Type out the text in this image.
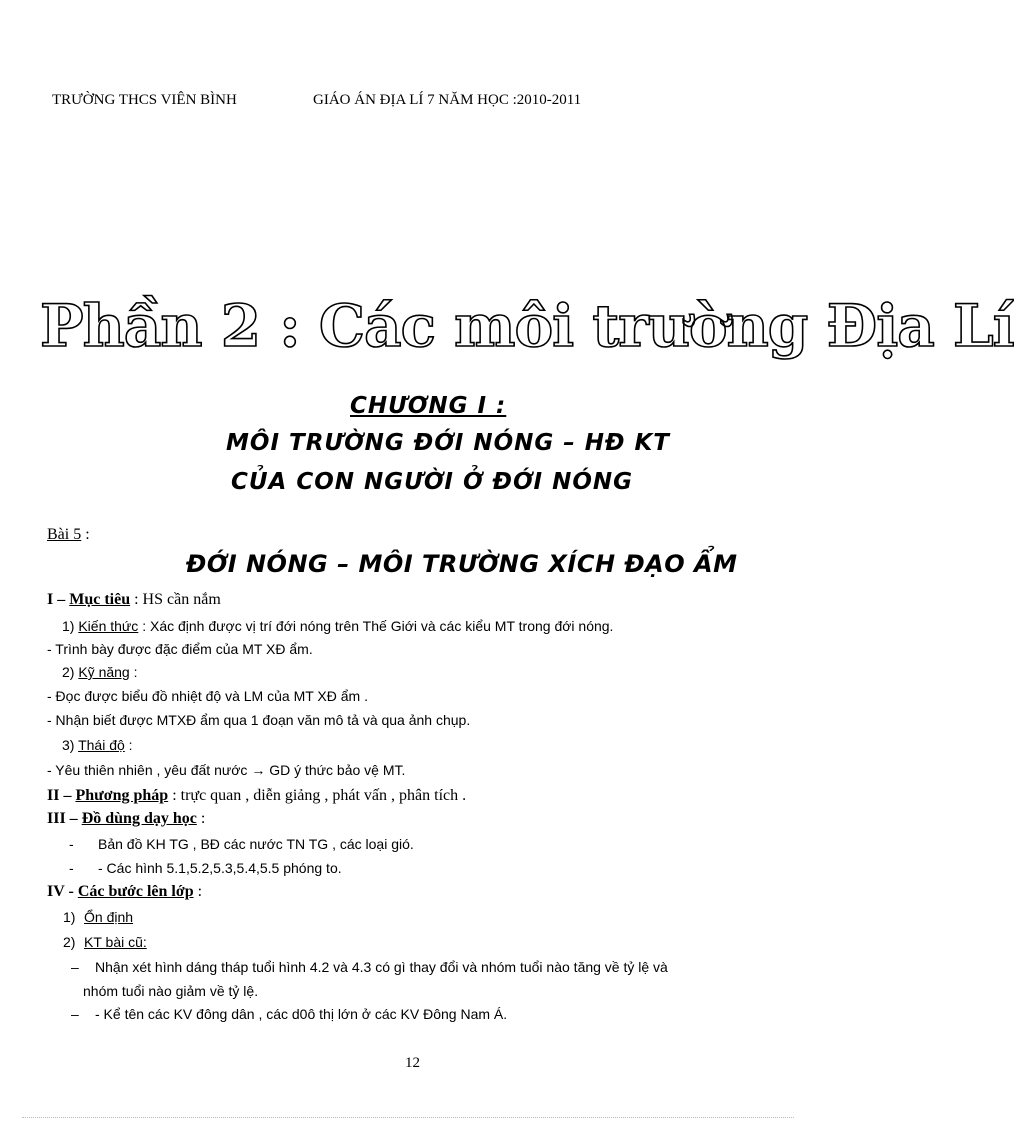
TRƯỜNG THCS VIÊN BÌNH	GIÁO ÁN ĐỊA LÍ 7 NĂM HỌC :2010-2011
Phần 2 : Các môi trường Địa Lí
CHƯƠNG I :
MÔI TRƯỜNG ĐỚI NÓNG – HĐ KT
CỦA CON NGƯỜI Ở ĐỚI NÓNG
Bài 5 :
ĐỚI NÓNG – MÔI TRƯỜNG XÍCH ĐẠO ẨM
I – Mục tiêu : HS cần nắm
1) Kiến thức : Xác định được vị trí đới nóng trên Thế Giới và các kiểu MT trong đới nóng.
- Trình bày được đặc điểm của MT XĐ ẩm.
2) Kỹ năng :
- Đọc được biểu đồ nhiệt độ và LM của MT XĐ ẩm .
- Nhận biết được MTXĐ ẩm qua 1 đoạn văn mô tả và qua ảnh chụp.
3) Thái độ :
- Yêu thiên nhiên , yêu đất nước → GD ý thức bảo vệ MT.
II – Phương pháp : trực quan , diễn giảng , phát vấn , phân tích .
III – Đồ dùng dạy học :
- Bản đồ KH TG , BĐ các nước TN TG , các loại gió.
- - Các hình 5.1,5.2,5.3,5.4,5.5 phóng to.
IV - Các bước lên lớp :
1) Ổn định
2) KT bài cũ:
– Nhận xét hình dáng tháp tuổi hình 4.2 và 4.3 có gì thay đổi và nhóm tuổi nào tăng về tỷ lệ và
nhóm tuổi nào giảm về tỷ lệ.
– - Kể tên các KV đông dân , các d0ô thị lớn ở các KV Đông Nam Á.
12
